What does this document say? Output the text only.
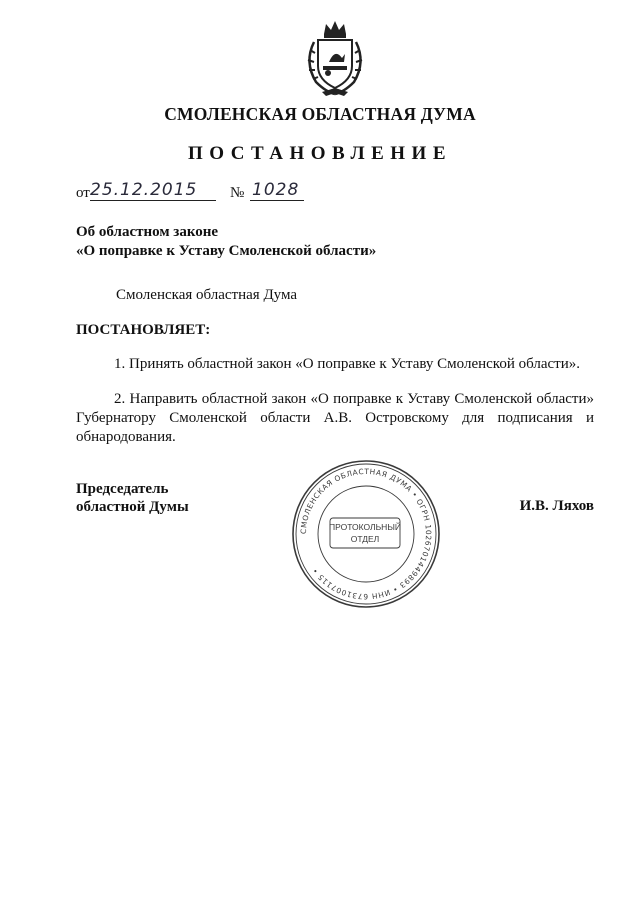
СМОЛЕНСКАЯ ОБЛАСТНАЯ ДУМА
ПОСТАНОВЛЕНИЕ
от 25.12.2015 № 1028
Об областном законе
«О поправке к Уставу Смоленской области»
Смоленская областная Дума
ПОСТАНОВЛЯЕТ:
1. Принять областной закон «О поправке к Уставу Смоленской области».
2. Направить областной закон «О поправке к Уставу Смоленской области» Губернатору Смоленской области А.В. Островскому для подписания и обнародования.
Председатель
областной Думы	И.В. Ляхов
СМОЛЕНСКАЯ ОБЛАСТНАЯ ДУМА • ОГРН 1026701449893 • ИНН 6731007115 •
ПРОТОКОЛЬНЫЙ
ОТДЕЛ
